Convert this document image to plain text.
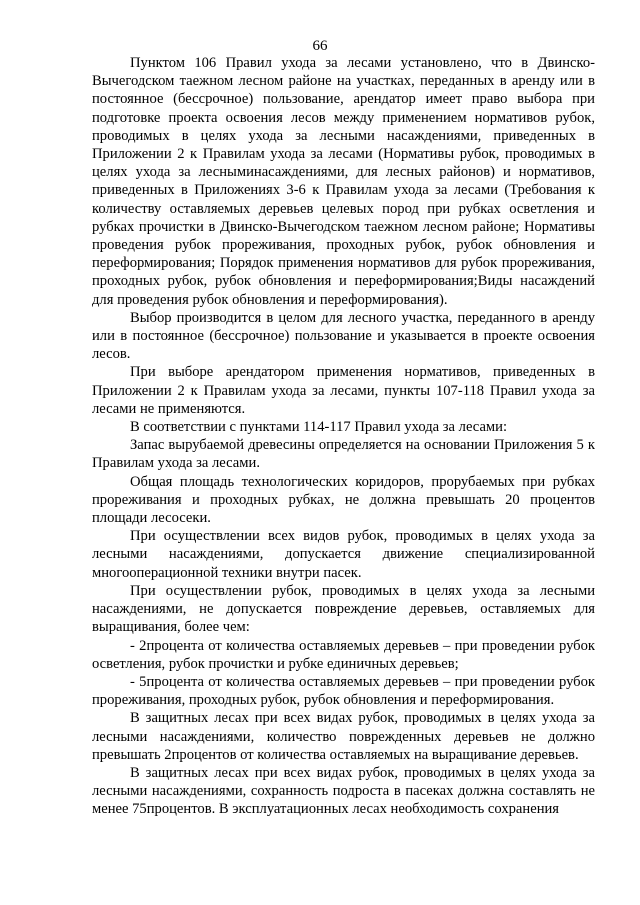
66

Пунктом 106 Правил ухода за лесами установлено, что в Двинско-Вычегодском таежном лесном районе на участках, переданных в аренду или в постоянное (бессрочное) пользование, арендатор имеет право выбора при подготовке проекта освоения лесов между применением нормативов рубок, проводимых в целях ухода за лесными насаждениями, приведенных в Приложении 2 к Правилам ухода за лесами (Нормативы рубок, проводимых в целях ухода за лесныминасаждениями, для лесных районов) и нормативов, приведенных в Приложениях 3-6 к Правилам ухода за лесами (Требования к количеству оставляемых деревьев целевых пород при рубках осветления и рубках прочистки в Двинско-Вычегодском таежном лесном районе; Нормативы проведения рубок прореживания, проходных рубок, рубок обновления и переформирования; Порядок применения нормативов для рубок прореживания, проходных рубок, рубок обновления и переформирования;Виды насаждений для проведения рубок обновления и переформирования).

Выбор производится в целом для лесного участка, переданного в аренду или в постоянное (бессрочное) пользование и указывается в проекте освоения лесов.

При выборе арендатором применения нормативов, приведенных в Приложении 2 к Правилам ухода за лесами, пункты 107-118 Правил ухода за лесами не применяются.

В соответствии с пунктами 114-117 Правил ухода за лесами:

Запас вырубаемой древесины определяется на основании Приложения 5 к Правилам ухода за лесами.

Общая площадь технологических коридоров, прорубаемых при рубках прореживания и проходных рубках, не должна превышать 20 процентов площади лесосеки.

При осуществлении всех видов рубок, проводимых в целях ухода за лесными насаждениями, допускается движение специализированной многооперационной техники внутри пасек.

При осуществлении рубок, проводимых в целях ухода за лесными насаждениями, не допускается повреждение деревьев, оставляемых для выращивания, более чем:

- 2процента от количества оставляемых деревьев – при проведении рубок осветления, рубок прочистки и рубке единичных деревьев;

- 5процента от количества оставляемых деревьев – при проведении рубок прореживания, проходных рубок, рубок обновления и переформирования.

В защитных лесах при всех видах рубок, проводимых в целях ухода за лесными насаждениями, количество поврежденных деревьев не должно превышать 2процентов от количества оставляемых на выращивание деревьев.

В защитных лесах при всех видах рубок, проводимых в целях ухода за лесными насаждениями, сохранность подроста в пасеках должна составлять не менее 75процентов. В эксплуатационных лесах необходимость сохранения
